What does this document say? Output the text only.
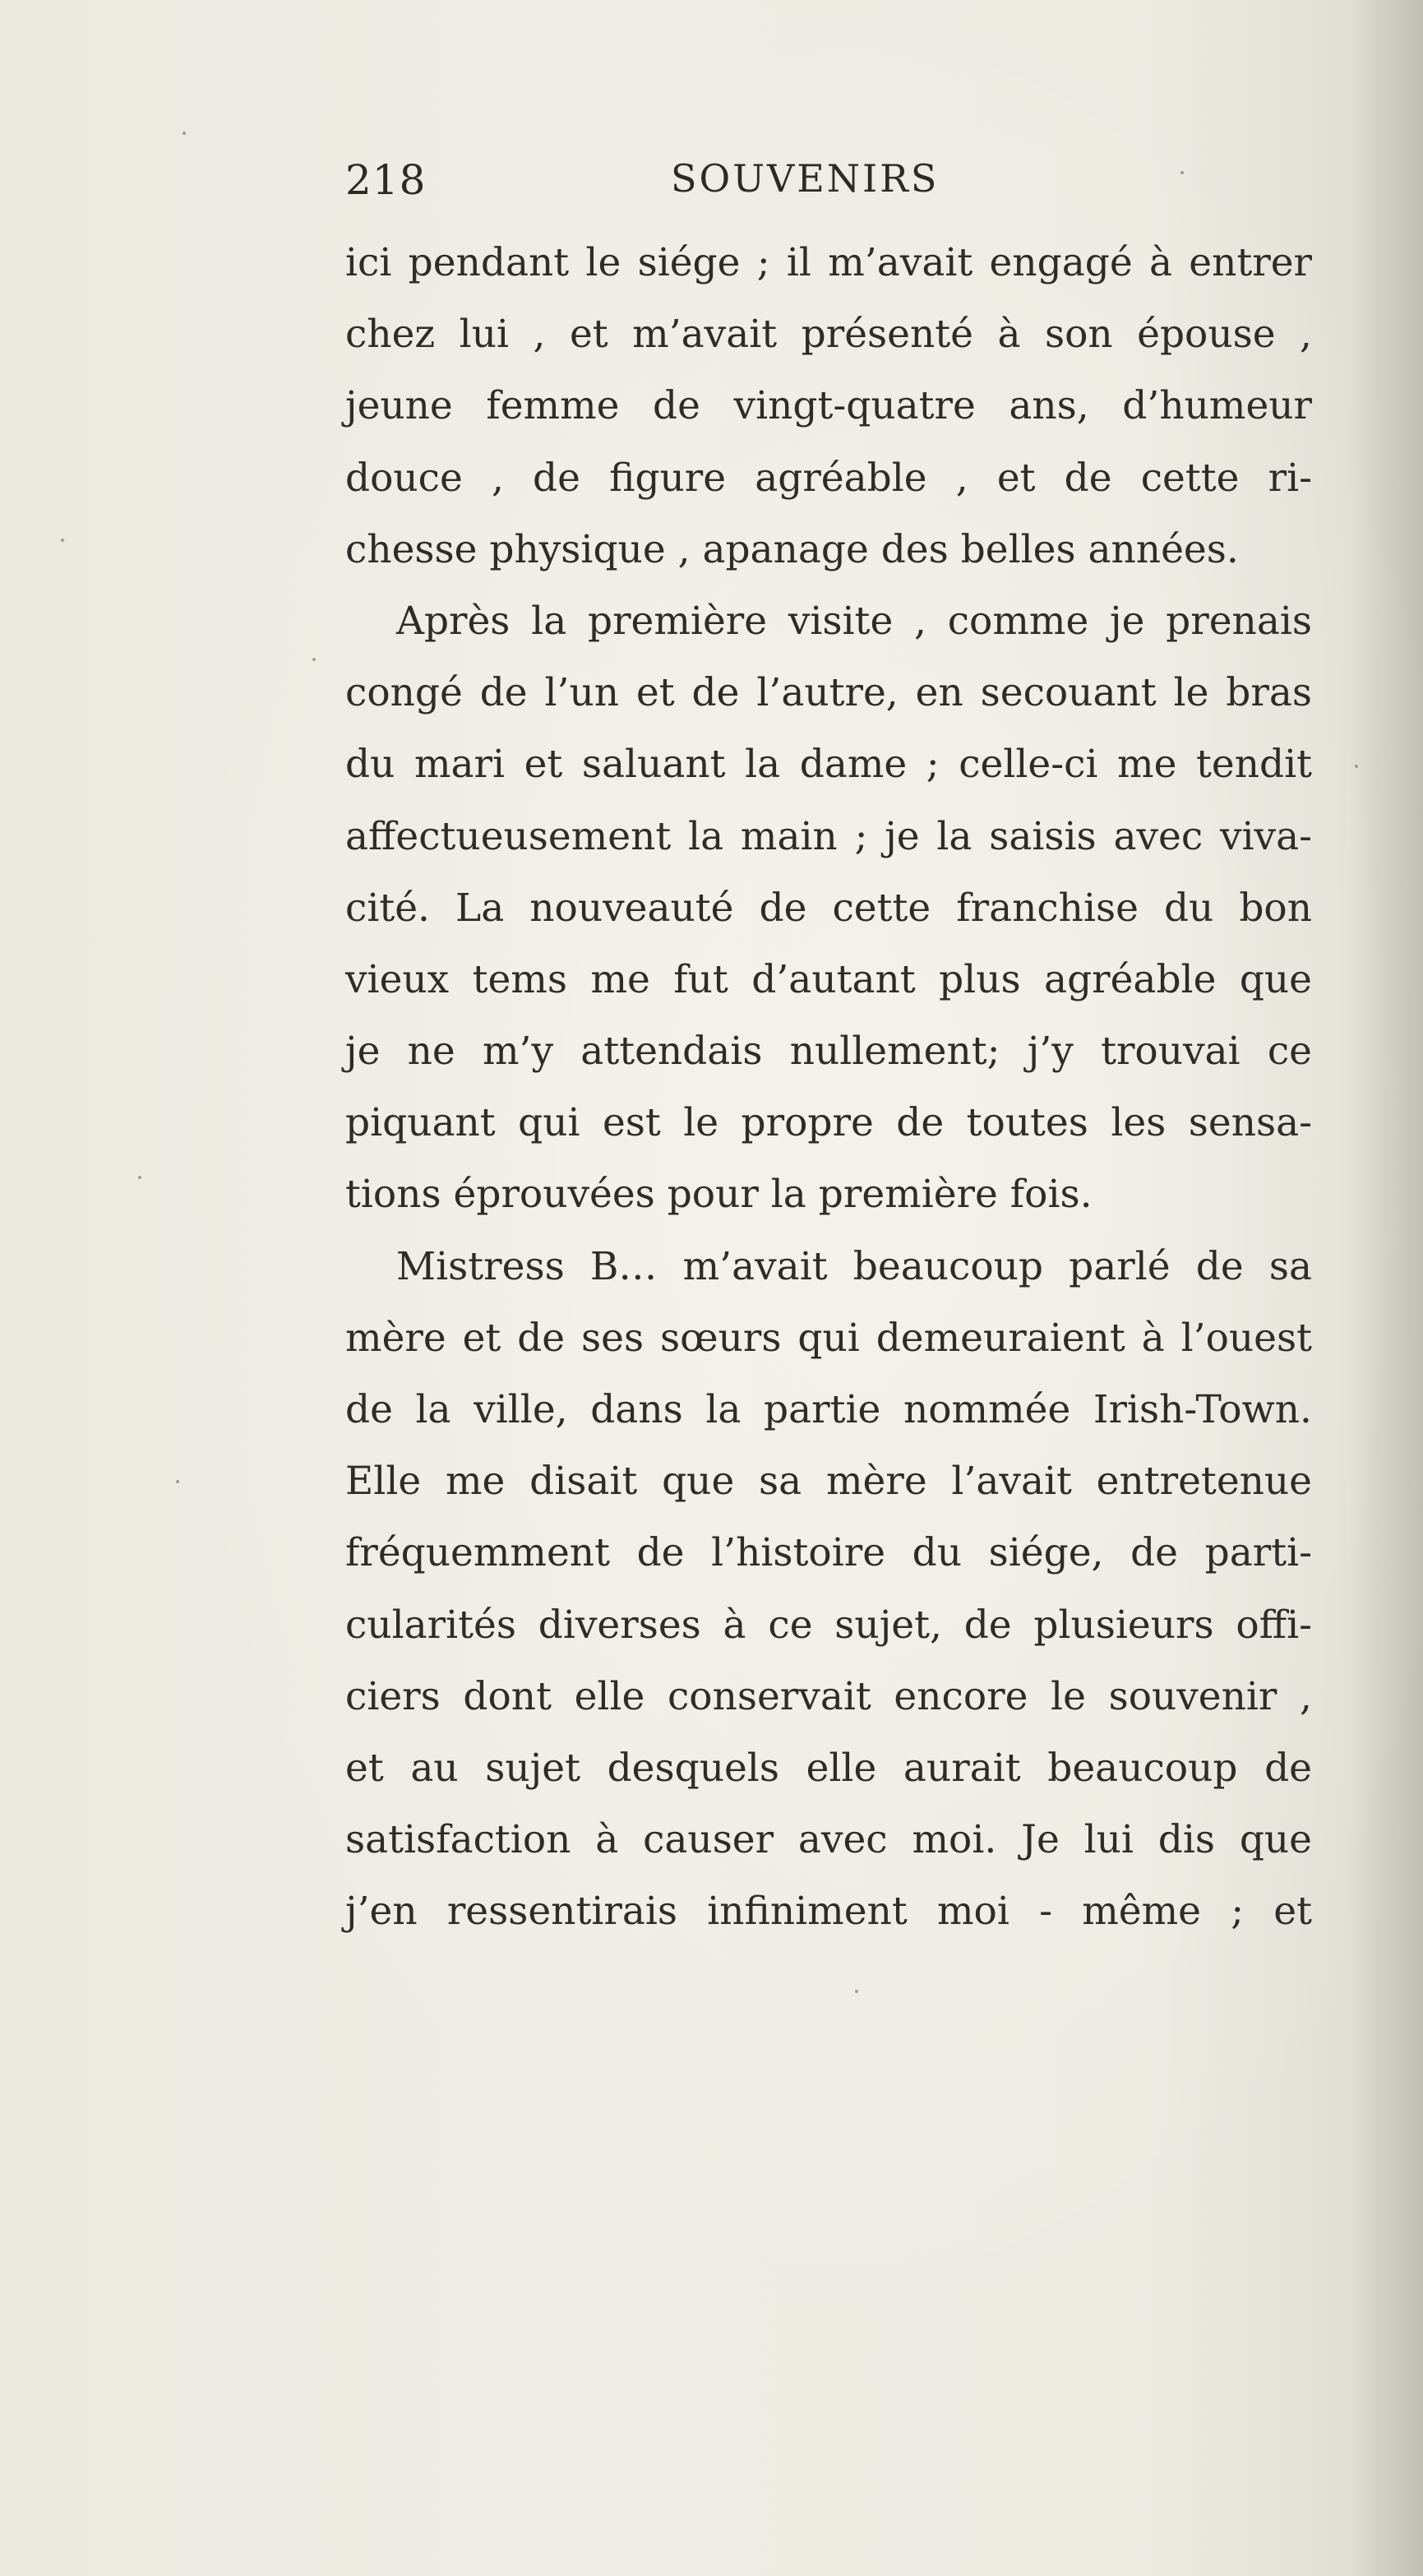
218	SOUVENIRS
ici pendant le siége ; il m’avait engagé à entrer
chez lui , et m’avait présenté à son épouse ,
jeune femme de vingt-quatre ans, d’humeur
douce , de figure agréable , et de cette ri-
chesse physique , apanage des belles années.
Après la première visite , comme je prenais
congé de l’un et de l’autre, en secouant le bras
du mari et saluant la dame ; celle-ci me tendit
affectueusement la main ; je la saisis avec viva-
cité. La nouveauté de cette franchise du bon
vieux tems me fut d’autant plus agréable que
je ne m’y attendais nullement; j’y trouvai ce
piquant qui est le propre de toutes les sensa-
tions éprouvées pour la première fois.
Mistress B… m’avait beaucoup parlé de sa
mère et de ses sœurs qui demeuraient à l’ouest
de la ville, dans la partie nommée Irish-Town.
Elle me disait que sa mère l’avait entretenue
fréquemment de l’histoire du siége, de parti-
cularités diverses à ce sujet, de plusieurs offi-
ciers dont elle conservait encore le souvenir ,
et au sujet desquels elle aurait beaucoup de
satisfaction à causer avec moi. Je lui dis que
j’en ressentirais infiniment moi - même ; et
